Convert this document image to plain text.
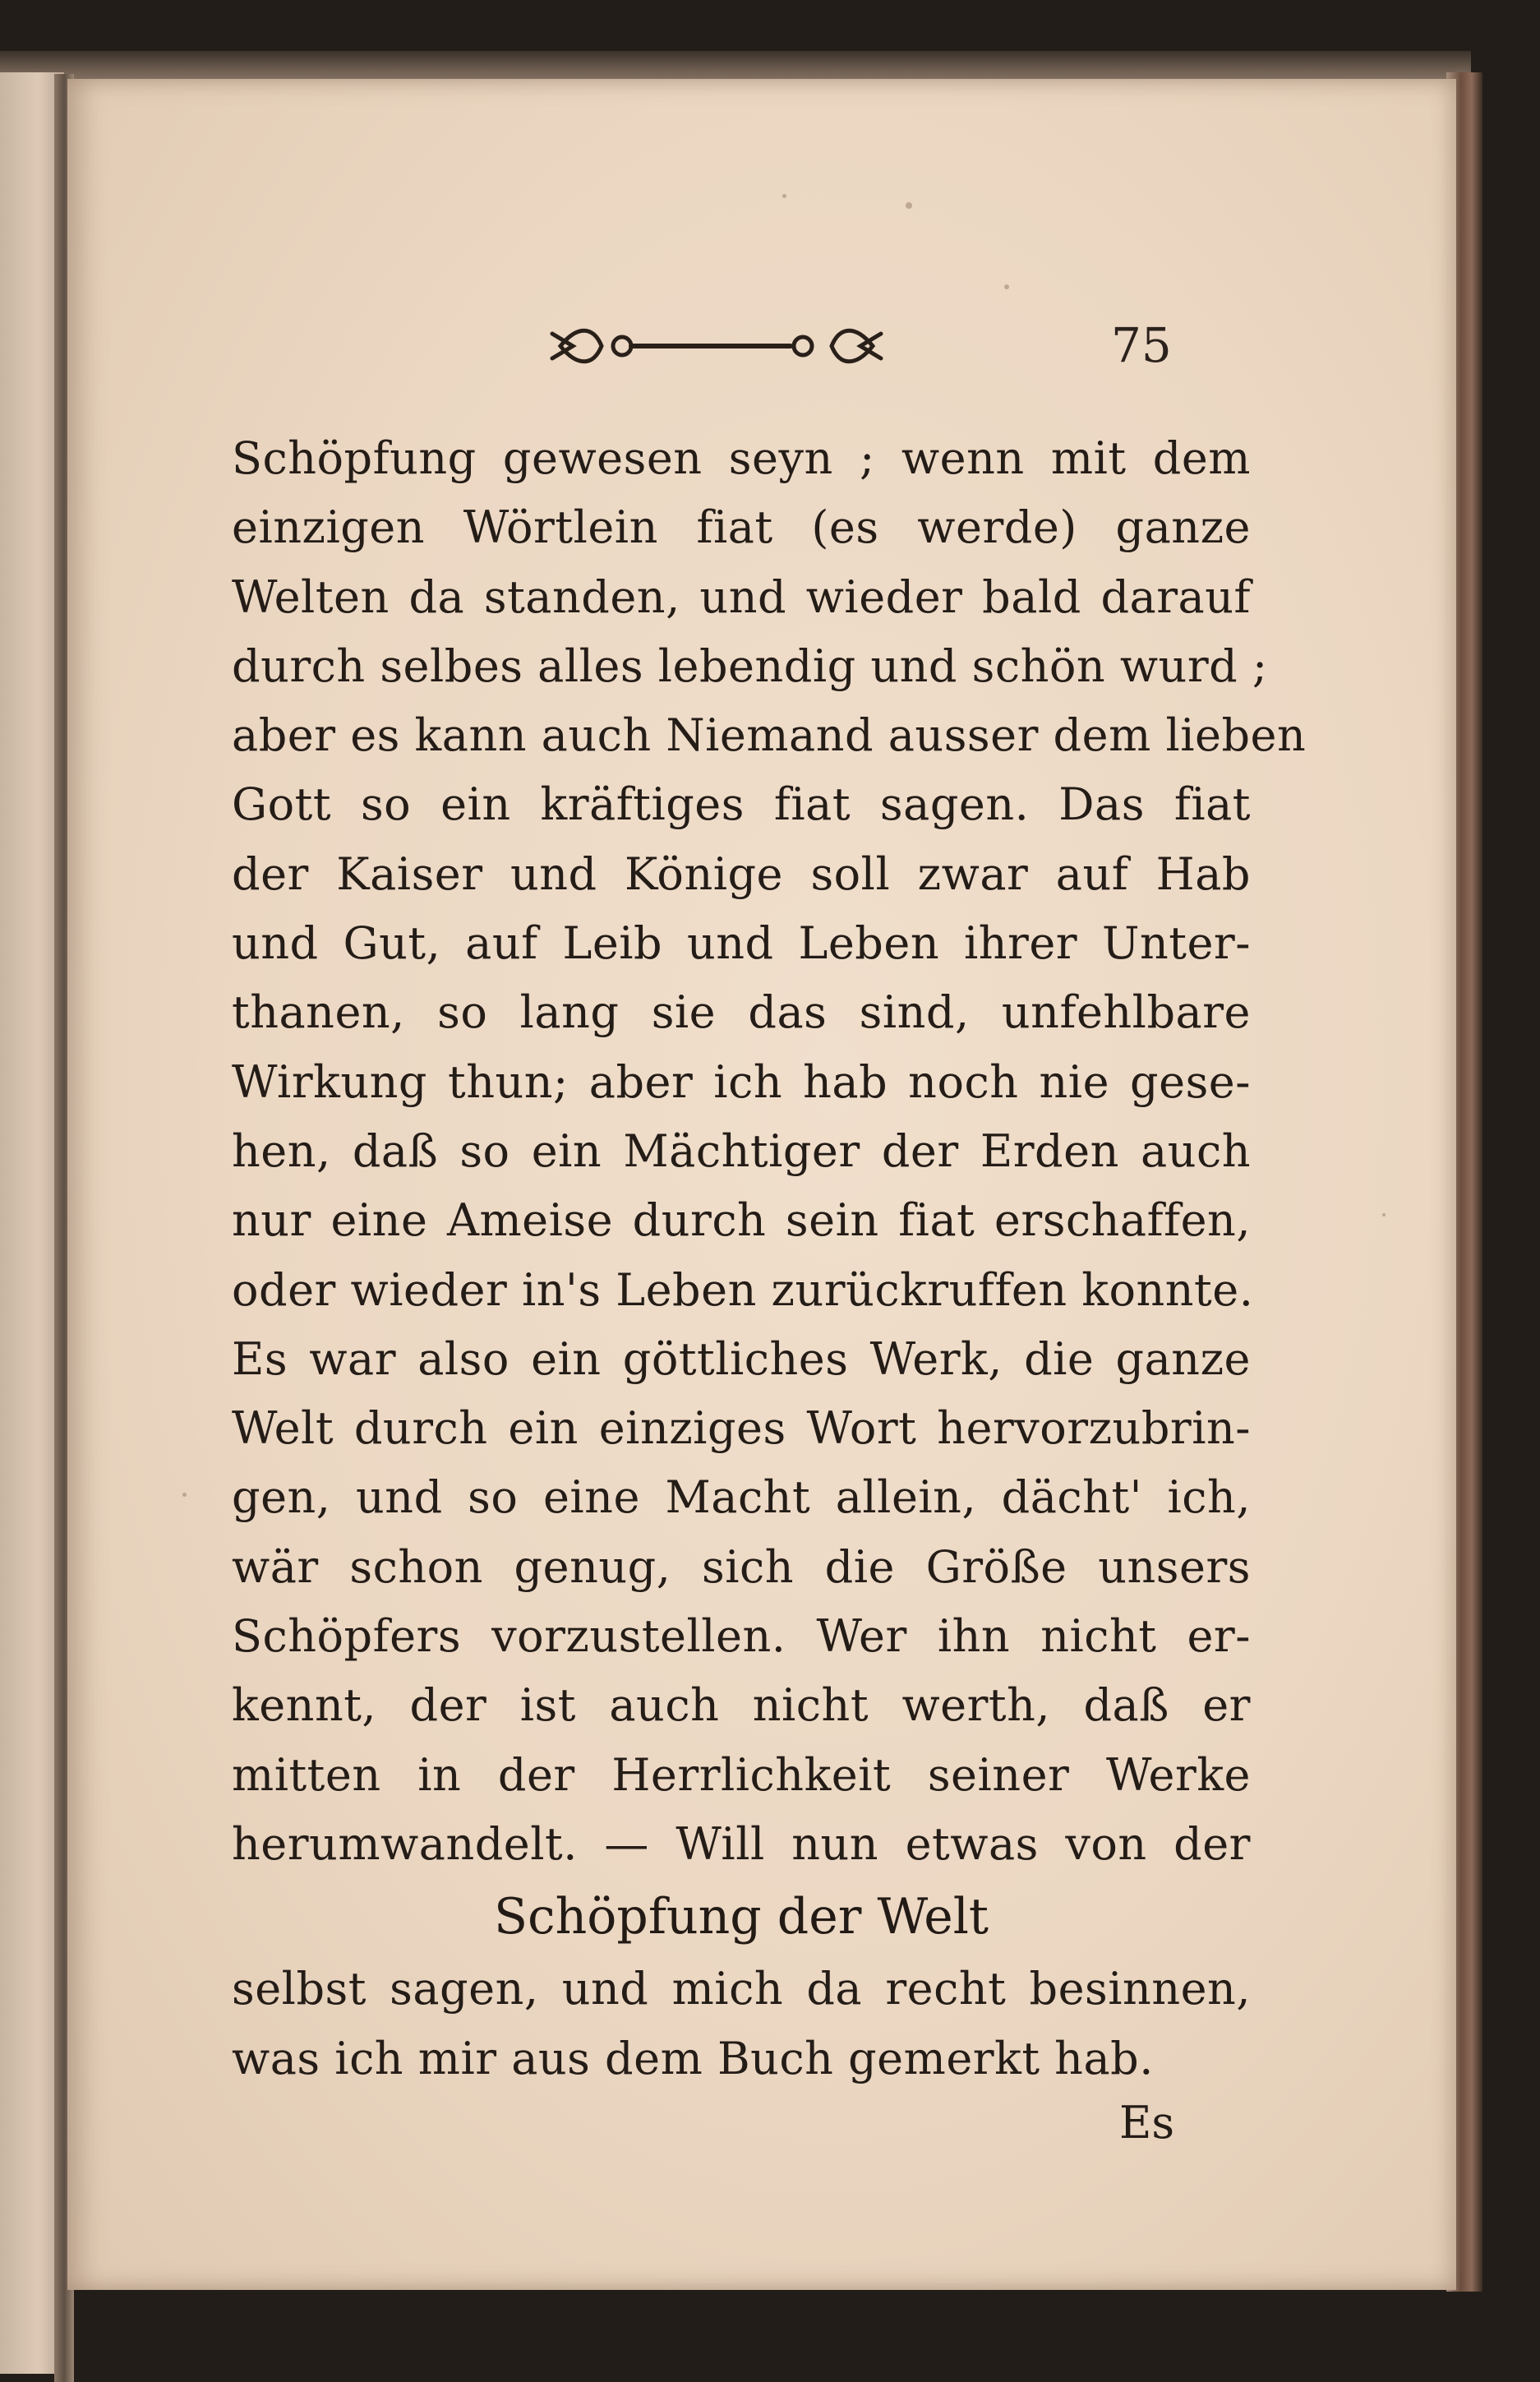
75
Schöpfung gewesen seyn ; wenn mit dem
einzigen Wörtlein fiat (es werde) ganze
Welten da standen, und wieder bald darauf
durch selbes alles lebendig und schön wurd ;
aber es kann auch Niemand ausser dem lieben
Gott so ein kräftiges fiat sagen. Das fiat
der Kaiser und Könige soll zwar auf Hab
und Gut, auf Leib und Leben ihrer Unter-
thanen, so lang sie das sind, unfehlbare
Wirkung thun; aber ich hab noch nie gese-
hen, daß so ein Mächtiger der Erden auch
nur eine Ameise durch sein fiat erschaffen,
oder wieder in's Leben zurückruffen konnte.
Es war also ein göttliches Werk, die ganze
Welt durch ein einziges Wort hervorzubrin-
gen, und so eine Macht allein, dächt' ich,
wär schon genug, sich die Größe unsers
Schöpfers vorzustellen. Wer ihn nicht er-
kennt, der ist auch nicht werth, daß er
mitten in der Herrlichkeit seiner Werke
herumwandelt. — Will nun etwas von der
Schöpfung der Welt
selbst sagen, und mich da recht besinnen,
was ich mir aus dem Buch gemerkt hab.
Es
